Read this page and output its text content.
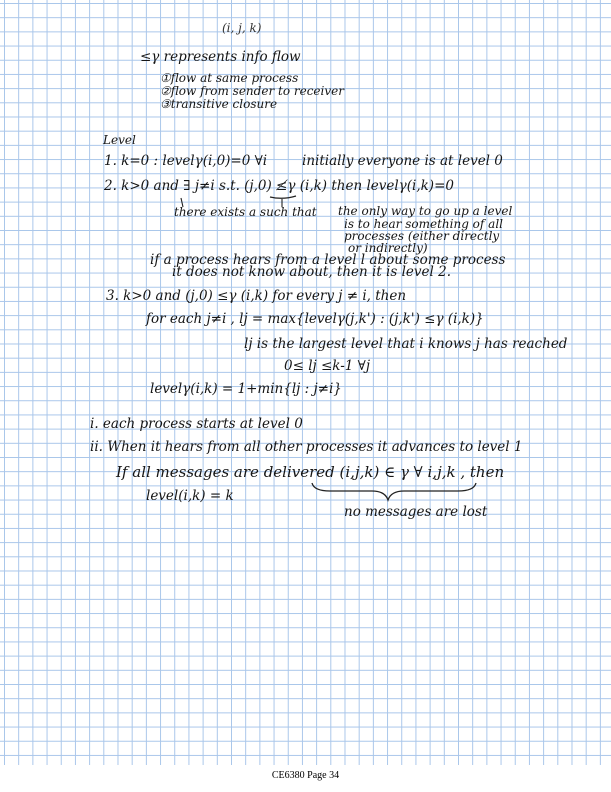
(i, j, k)
≤γ represents info flow
①flow at same process
②flow from sender to receiver
③transitive closure
Level
1. k=0 : levelγ(i,0)=0 ∀i	initially everyone is at level 0
2. k>0 and ∃ j≠i s.t. (j,0) ≰γ (i,k) then levelγ(i,k)=0
there exists a such that the only way to go up a level
is to hear something of all
processes (either directly
or indirectly)
if a process hears from a level l about some process
it does not know about, then it is level 2.
3. k>0 and (j,0) ≤γ (i,k) for every j ≠ i, then
for each j≠i , lj = max{levelγ(j,k') : (j,k') ≤γ (i,k)}
lj is the largest level that i knows j has reached
0≤ lj ≤k-1 ∀j
levelγ(i,k) = 1+min{lj : j≠i}
i. each process starts at level 0
ii. When it hears from all other processes it advances to level 1
If all messages are delivered (i,j,k) ∈ γ ∀ i,j,k , then
level(i,k) = k
no messages are lost
CE6380 Page 34
